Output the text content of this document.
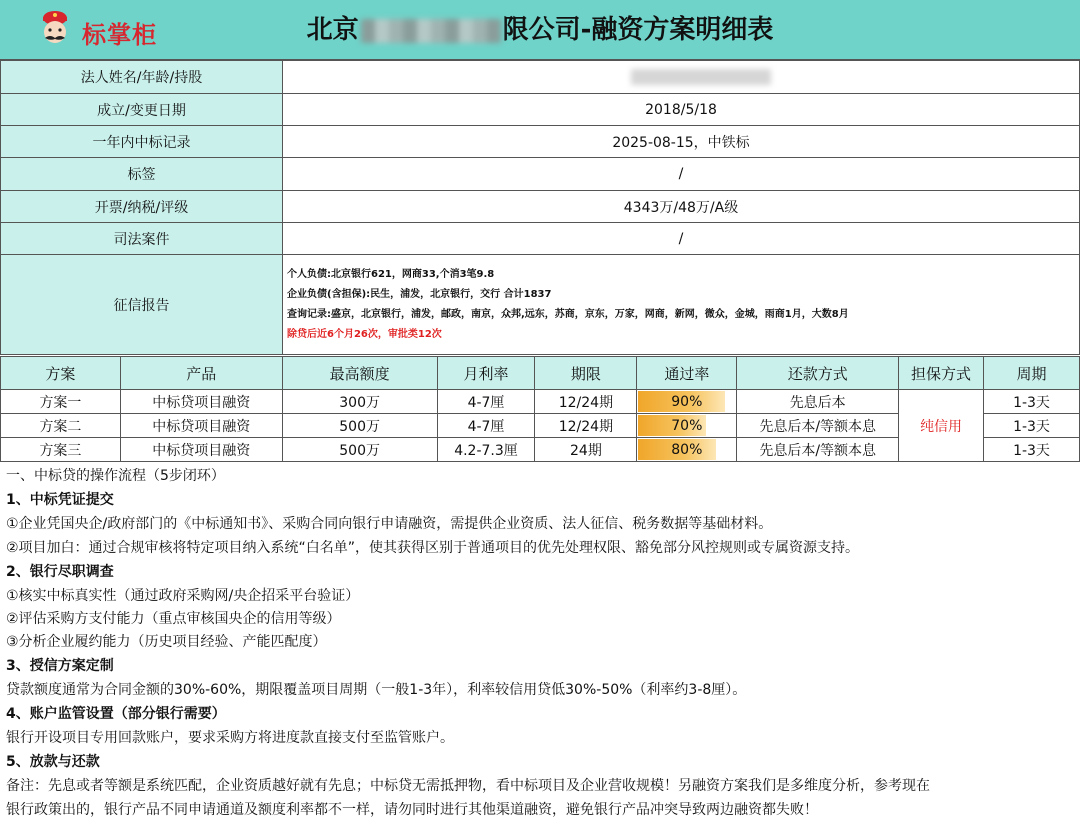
北京	限公司-融资方案明细表
标掌柜
法人姓名/年龄/持股	
成立/变更日期	2018/5/18
一年内中标记录	2025-08-15，中铁标
标签	/
开票/纳税/评级	4343万/48万/A级
司法案件	/
征信报告	个人负债:北京银行621，网商33,个消3笔9.8
企业负债(含担保):民生，浦发，北京银行，交行 合计1837
查询记录:盛京，北京银行，浦发，邮政，南京，众邦,远东，苏商，京东，万家，网商，新网，微众，金城，雨商1月，大数8月
除贷后近6个月26次，审批类12次
方案	产品	最高额度	月利率	期限	通过率	还款方式	担保方式	周期
方案一	中标贷项目融资	300万	4-7厘	12/24期	90%	先息后本	纯信用	1-3天
方案二	中标贷项目融资	500万	4-7厘	12/24期	70%	先息后本/等额本息		1-3天
方案三	中标贷项目融资	500万	4.2-7.3厘	24期	80%	先息后本/等额本息		1-3天
一、中标贷的操作流程（5步闭环）
1、中标凭证提交
①企业凭国央企/政府部门的《中标通知书》、采购合同向银行申请融资，需提供企业资质、法人征信、税务数据等基础材料。
②项目加白：通过合规审核将特定项目纳入系统“白名单”，使其获得区别于普通项目的优先处理权限、豁免部分风控规则或专属资源支持。
2、银行尽职调查
①核实中标真实性（通过政府采购网/央企招采平台验证）
②评估采购方支付能力（重点审核国央企的信用等级）
③分析企业履约能力（历史项目经验、产能匹配度）
3、授信方案定制
贷款额度通常为合同金额的30%-60%，期限覆盖项目周期（一般1-3年），利率较信用贷低30%-50%（利率约3-8厘）。
4、账户监管设置（部分银行需要）
银行开设项目专用回款账户，要求采购方将进度款直接支付至监管账户。
5、放款与还款
备注：先息或者等额是系统匹配，企业资质越好就有先息；中标贷无需抵押物，看中标项目及企业营收规模！另融资方案我们是多维度分析，参考现在
银行政策出的，银行产品不同申请通道及额度利率都不一样，请勿同时进行其他渠道融资，避免银行产品冲突导致两边融资都失败！
